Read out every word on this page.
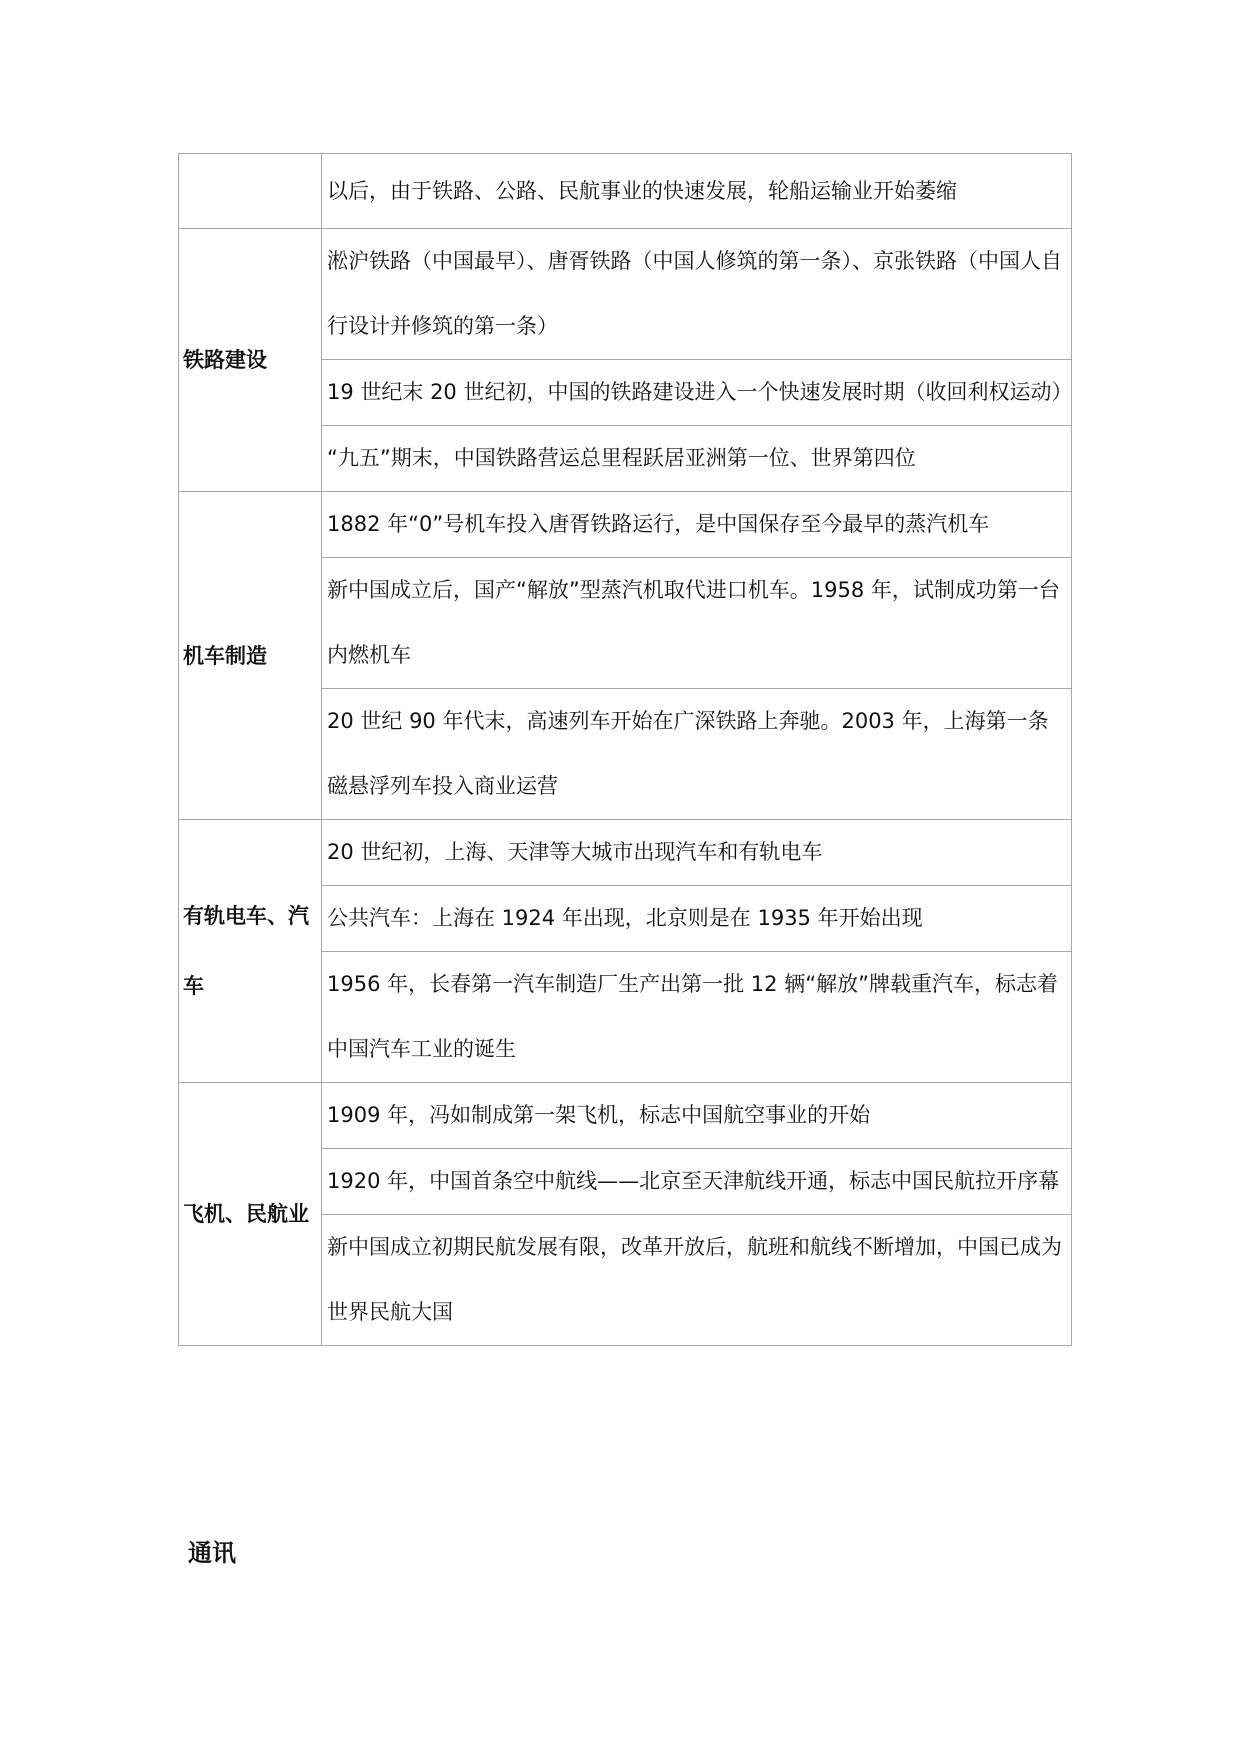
	以后，由于铁路、公路、民航事业的快速发展，轮船运输业开始萎缩
铁路建设	淞沪铁路（中国最早）、唐胥铁路（中国人修筑的第一条）、京张铁路（中国人自行设计并修筑的第一条）
	19 世纪末 20 世纪初，中国的铁路建设进入一个快速发展时期（收回利权运动）
	“九五”期末，中国铁路营运总里程跃居亚洲第一位、世界第四位
机车制造	1882 年“0”号机车投入唐胥铁路运行，是中国保存至今最早的蒸汽机车
	新中国成立后，国产“解放”型蒸汽机取代进口机车。1958 年，试制成功第一台内燃机车
	20 世纪 90 年代末，高速列车开始在广深铁路上奔驰。2003 年，上海第一条磁悬浮列车投入商业运营
有轨电车、汽车	20 世纪初，上海、天津等大城市出现汽车和有轨电车
	公共汽车：上海在 1924 年出现，北京则是在 1935 年开始出现
	1956 年，长春第一汽车制造厂生产出第一批 12 辆“解放”牌载重汽车，标志着中国汽车工业的诞生
飞机、民航业	1909 年，冯如制成第一架飞机，标志中国航空事业的开始
	1920 年，中国首条空中航线——北京至天津航线开通，标志中国民航拉开序幕
	新中国成立初期民航发展有限，改革开放后，航班和航线不断增加，中国已成为世界民航大国
通讯
